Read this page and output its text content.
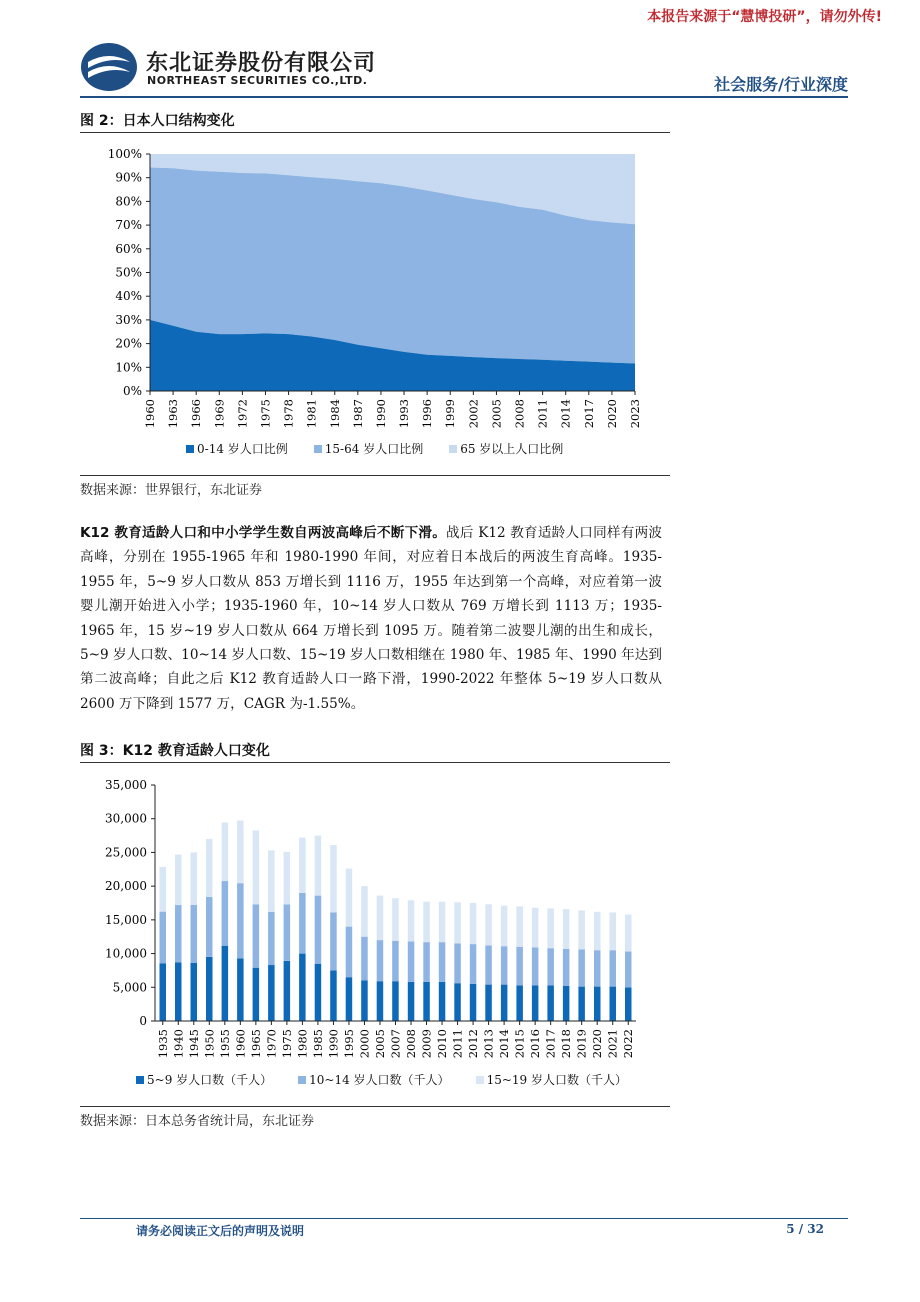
本报告来源于“慧博投研”，请勿外传!
东北证券股份有限公司
NORTHEAST SECURITIES CO.,LTD.	社会服务/行业深度
图 2：日本人口结构变化
0%
10%
20%
30%
40%
50%
60%
70%
80%
90%
100%
1960 1963 1966 1969 1972 1975 1978 1981 1984 1987 1990 1993 1996 1999 2002 2005 2008 2011 2014 2017 2020 2023
0-14 岁人口比例	15-64 岁人口比例	65 岁以上人口比例
数据来源：世界银行，东北证券
K12 教育适龄人口和中小学学生数自两波高峰后不断下滑。战后 K12 教育适龄人口同样有两波高峰，分别在 1955-1965 年和 1980-1990 年间，对应着日本战后的两波生育高峰。1935-1955 年，5~9 岁人口数从 853 万增长到 1116 万，1955 年达到第一个高峰，对应着第一波婴儿潮开始进入小学；1935-1960 年，10~14 岁人口数从 769 万增长到 1113 万；1935-1965 年，15 岁~19 岁人口数从 664 万增长到 1095 万。随着第二波婴儿潮的出生和成长，5~9 岁人口数、10~14 岁人口数、15~19 岁人口数相继在 1980 年、1985 年、1990 年达到第二波高峰；自此之后 K12 教育适龄人口一路下滑，1990-2022 年整体 5~19 岁人口数从 2600 万下降到 1577 万，CAGR 为-1.55%。
图 3：K12 教育适龄人口变化
1935 1940 1945 1950 1955 1960 1965 1970 1975 1980 1985 1990 1995 2000 2005 2007 2008 2009 2010 2011 2012 2013 2014 2015 2016 2017 2018 2019 2020 2021 2022
0
5,000
10,000
15,000
20,000
25,000
30,000
35,000
5~9 岁人口数（千人）	10~14 岁人口数（千人）	15~19 岁人口数（千人）
数据来源：日本总务省统计局，东北证券
请务必阅读正文后的声明及说明	5 / 32
